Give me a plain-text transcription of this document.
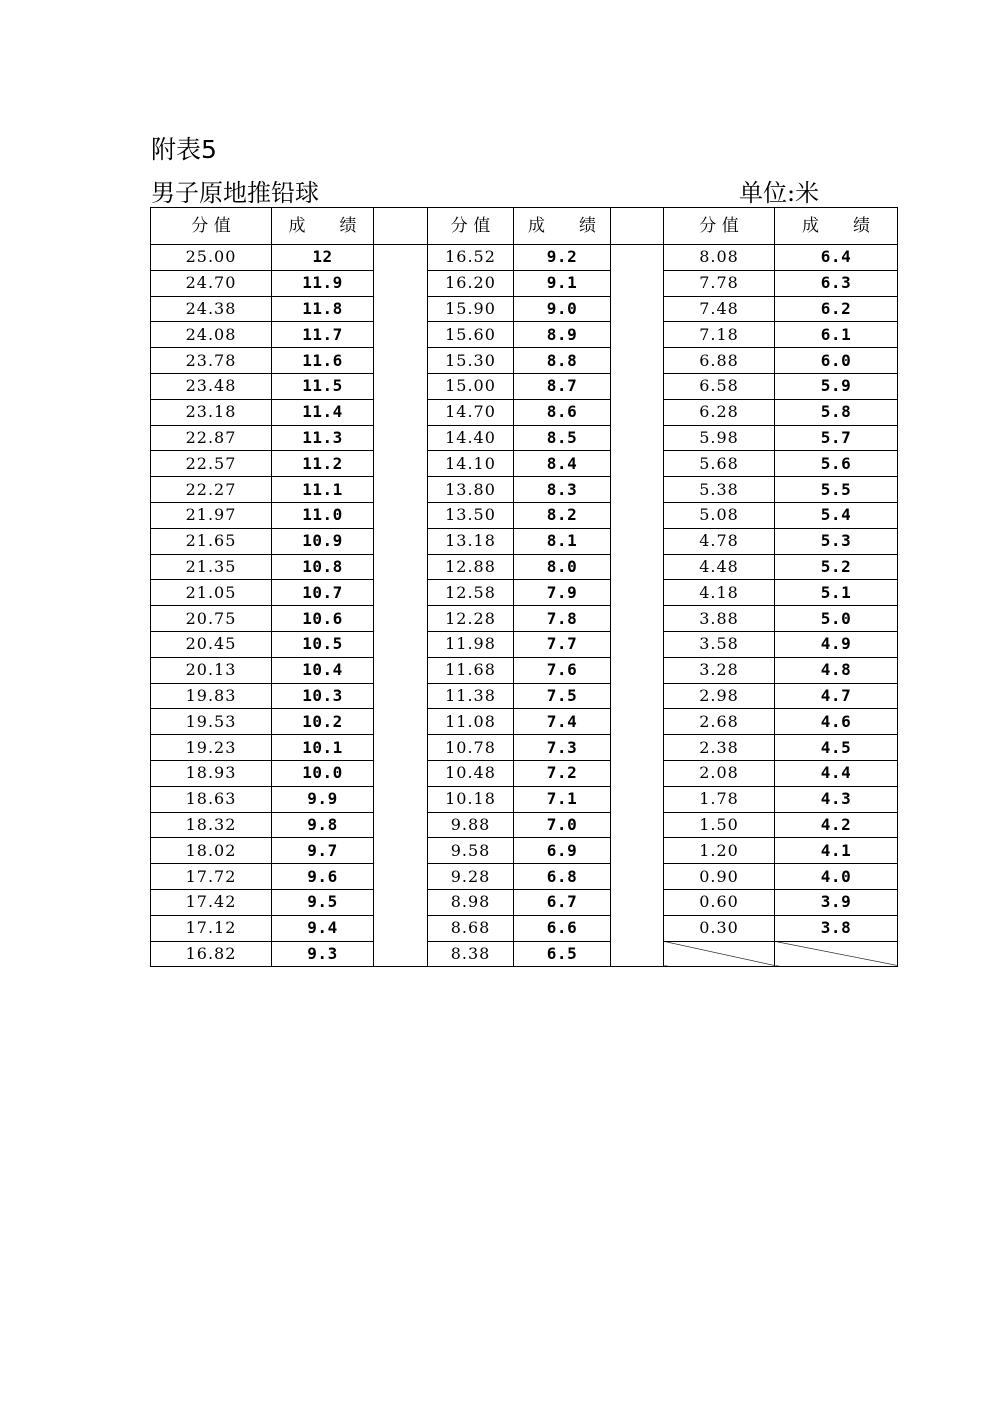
附表5
男子原地推铅球	单位:米
分 值	成　　绩		分 值	成　　绩		分 值	成　　绩
25.00	12		16.52	9.2		8.08	6.4
24.70	11.9		16.20	9.1		7.78	6.3
24.38	11.8		15.90	9.0		7.48	6.2
24.08	11.7		15.60	8.9		7.18	6.1
23.78	11.6		15.30	8.8		6.88	6.0
23.48	11.5		15.00	8.7		6.58	5.9
23.18	11.4		14.70	8.6		6.28	5.8
22.87	11.3		14.40	8.5		5.98	5.7
22.57	11.2		14.10	8.4		5.68	5.6
22.27	11.1		13.80	8.3		5.38	5.5
21.97	11.0		13.50	8.2		5.08	5.4
21.65	10.9		13.18	8.1		4.78	5.3
21.35	10.8		12.88	8.0		4.48	5.2
21.05	10.7		12.58	7.9		4.18	5.1
20.75	10.6		12.28	7.8		3.88	5.0
20.45	10.5		11.98	7.7		3.58	4.9
20.13	10.4		11.68	7.6		3.28	4.8
19.83	10.3		11.38	7.5		2.98	4.7
19.53	10.2		11.08	7.4		2.68	4.6
19.23	10.1		10.78	7.3		2.38	4.5
18.93	10.0		10.48	7.2		2.08	4.4
18.63	9.9		10.18	7.1		1.78	4.3
18.32	9.8		9.88	7.0		1.50	4.2
18.02	9.7		9.58	6.9		1.20	4.1
17.72	9.6		9.28	6.8		0.90	4.0
17.42	9.5		8.98	6.7		0.60	3.9
17.12	9.4		8.68	6.6		0.30	3.8
16.82	9.3		8.38	6.5			
